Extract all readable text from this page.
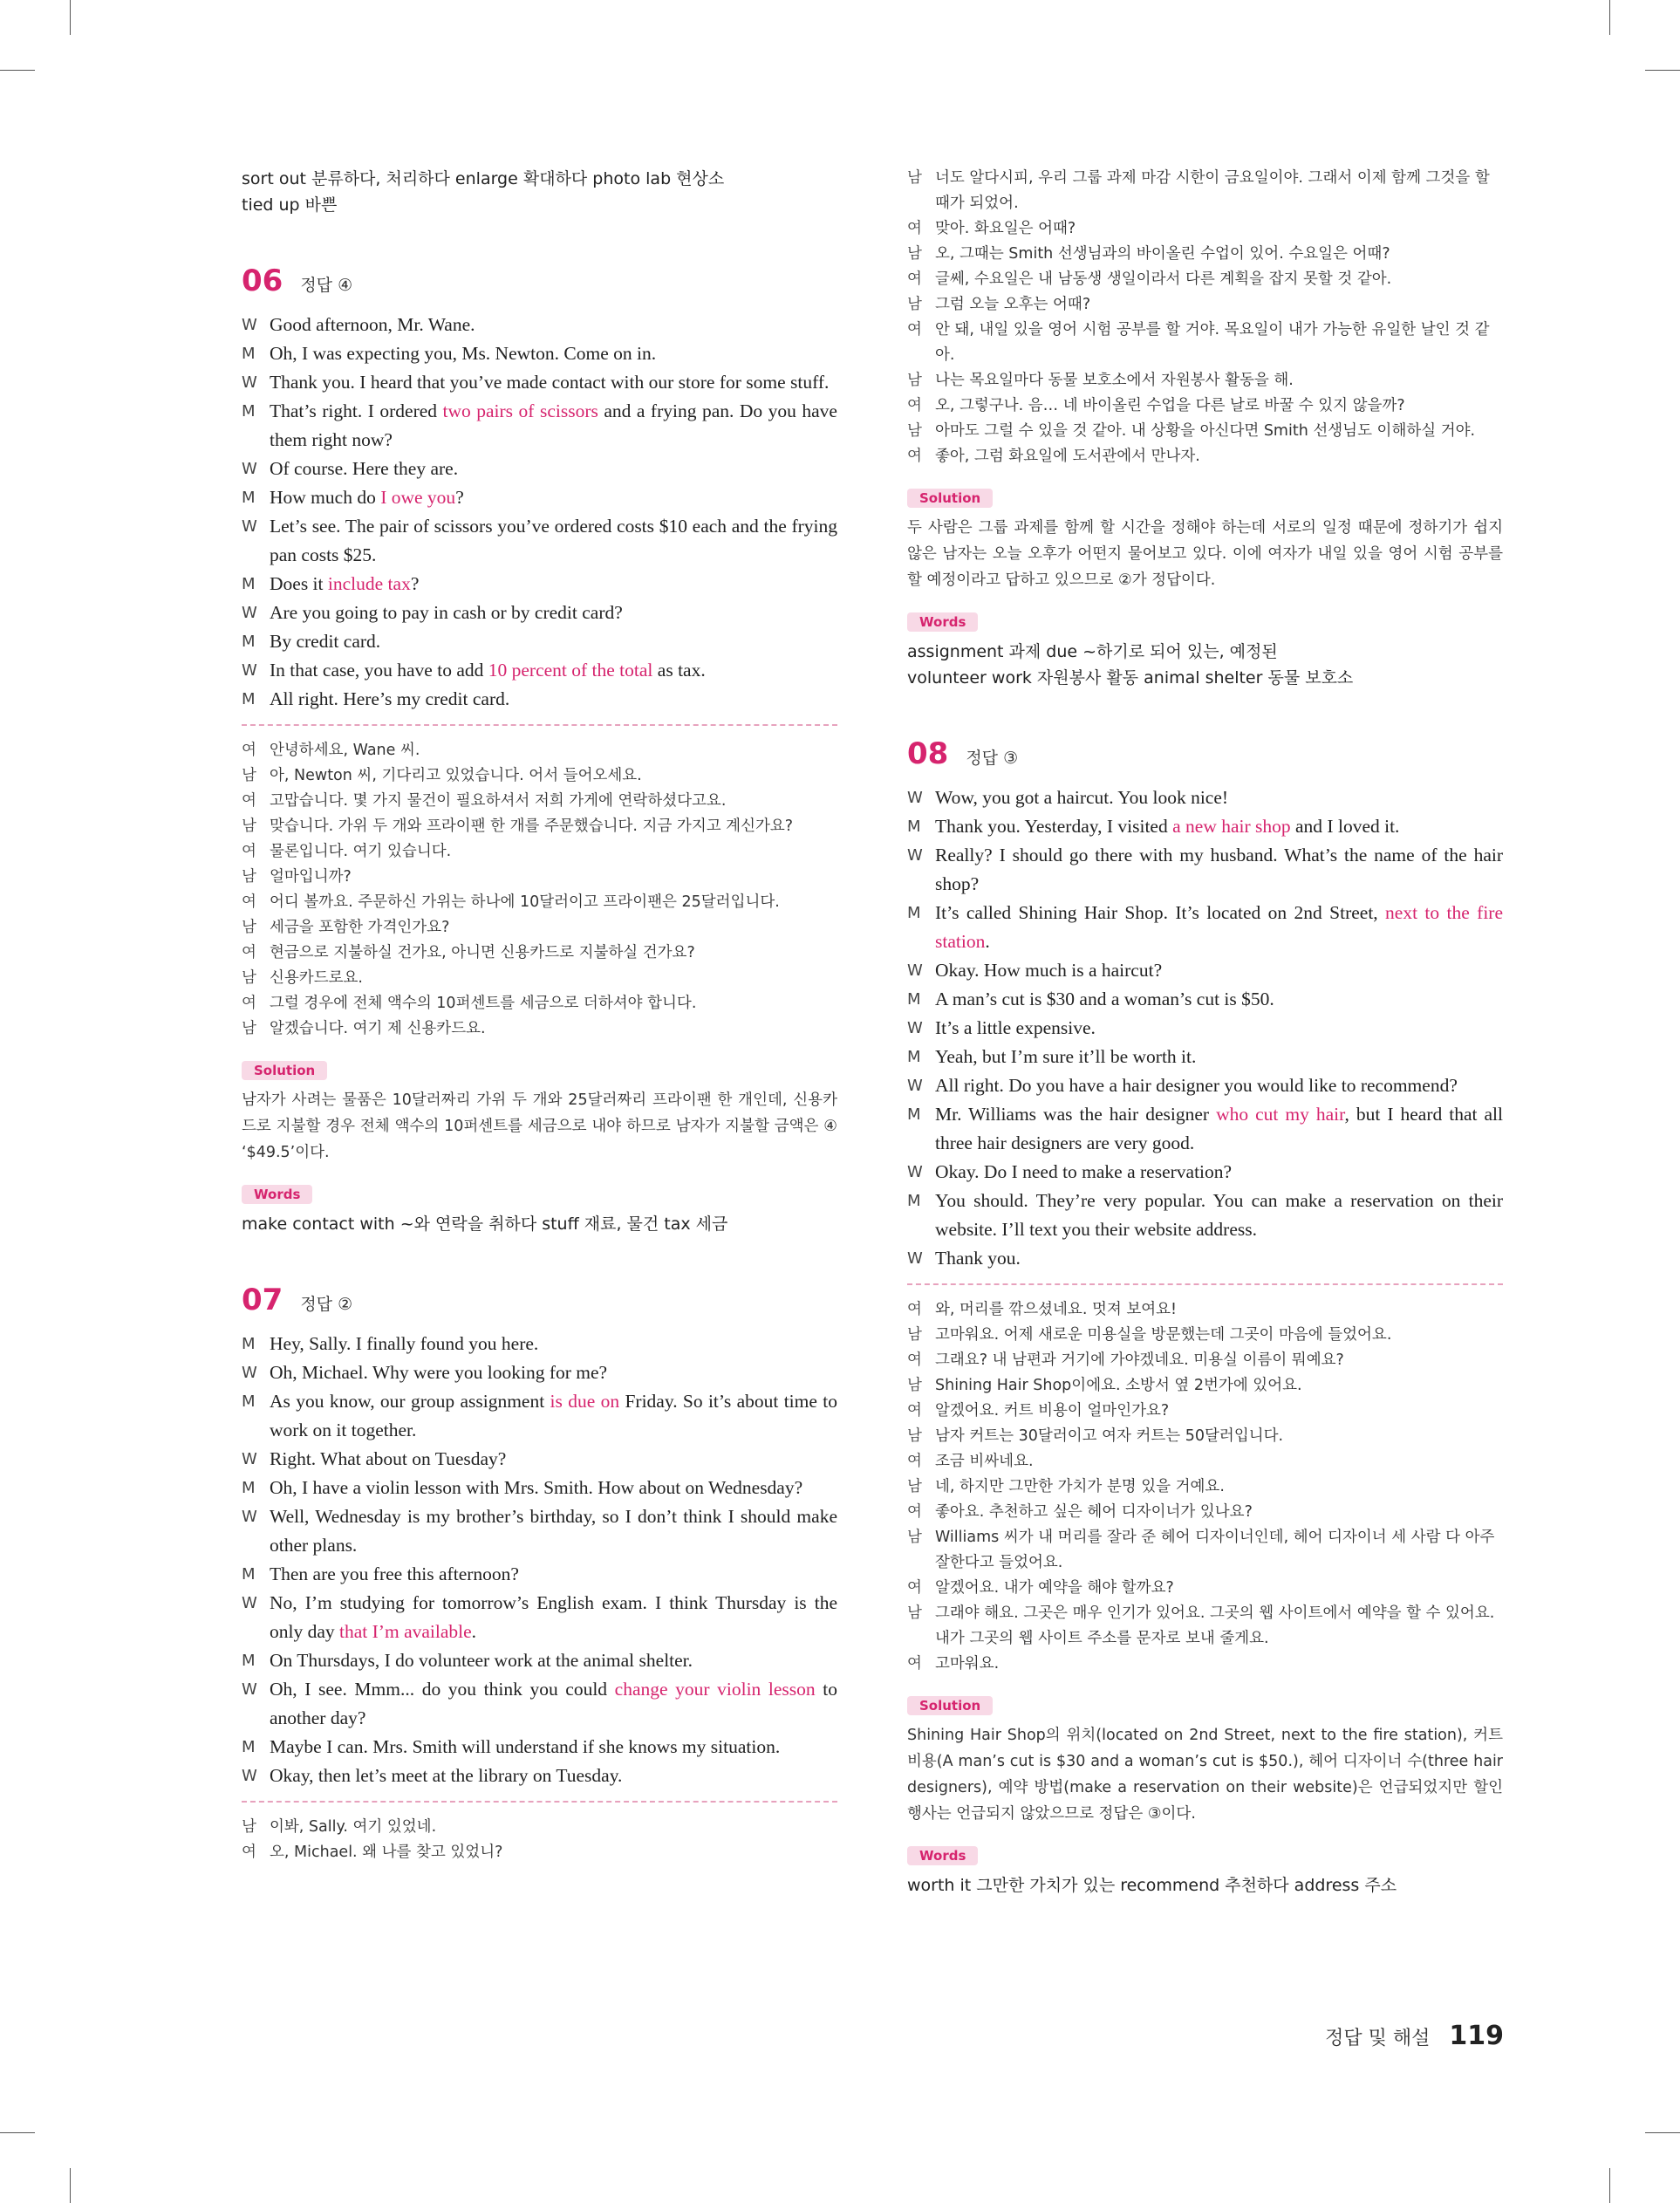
sort out 분류하다, 처리하다 enlarge 확대하다 photo lab 현상소
tied up 바쁜
06 정답 ④
W Good afternoon, Mr. Wane.
M Oh, I was expecting you, Ms. Newton. Come on in.
W Thank you. I heard that you’ve made contact with our store for some stuff.
M That’s right. I ordered two pairs of scissors and a frying pan. Do you have them right now?
W Of course. Here they are.
M How much do I owe you?
W Let’s see. The pair of scissors you’ve ordered costs $10 each and the frying pan costs $25.
M Does it include tax?
W Are you going to pay in cash or by credit card?
M By credit card.
W In that case, you have to add 10 percent of the total as tax.
M All right. Here’s my credit card.
여 안녕하세요, Wane 씨.
남 아, Newton 씨, 기다리고 있었습니다. 어서 들어오세요.
여 고맙습니다. 몇 가지 물건이 필요하셔서 저희 가게에 연락하셨다고요.
남 맞습니다. 가위 두 개와 프라이팬 한 개를 주문했습니다. 지금 가지고 계신가요?
여 물론입니다. 여기 있습니다.
남 얼마입니까?
여 어디 볼까요. 주문하신 가위는 하나에 10달러이고 프라이팬은 25달러입니다.
남 세금을 포함한 가격인가요?
여 현금으로 지불하실 건가요, 아니면 신용카드로 지불하실 건가요?
남 신용카드로요.
여 그럴 경우에 전체 액수의 10퍼센트를 세금으로 더하셔야 합니다.
남 알겠습니다. 여기 제 신용카드요.
Solution
남자가 사려는 물품은 10달러짜리 가위 두 개와 25달러짜리 프라이팬 한 개인데, 신용카드로 지불할 경우 전체 액수의 10퍼센트를 세금으로 내야 하므로 남자가 지불할 금액은 ④ ‘$49.5’이다.
Words
make contact with ~와 연락을 취하다 stuff 재료, 물건 tax 세금
07 정답 ②
M Hey, Sally. I finally found you here.
W Oh, Michael. Why were you looking for me?
M As you know, our group assignment is due on Friday. So it’s about time to work on it together.
W Right. What about on Tuesday?
M Oh, I have a violin lesson with Mrs. Smith. How about on Wednesday?
W Well, Wednesday is my brother’s birthday, so I don’t think I should make other plans.
M Then are you free this afternoon?
W No, I’m studying for tomorrow’s English exam. I think Thursday is the only day that I’m available.
M On Thursdays, I do volunteer work at the animal shelter.
W Oh, I see. Mmm... do you think you could change your violin lesson to another day?
M Maybe I can. Mrs. Smith will understand if she knows my situation.
W Okay, then let’s meet at the library on Tuesday.
남 이봐, Sally. 여기 있었네.
여 오, Michael. 왜 나를 찾고 있었니?
남 너도 알다시피, 우리 그룹 과제 마감 시한이 금요일이야. 그래서 이제 함께 그것을 할 때가 되었어.
여 맞아. 화요일은 어때?
남 오, 그때는 Smith 선생님과의 바이올린 수업이 있어. 수요일은 어때?
여 글쎄, 수요일은 내 남동생 생일이라서 다른 계획을 잡지 못할 것 같아.
남 그럼 오늘 오후는 어때?
여 안 돼, 내일 있을 영어 시험 공부를 할 거야. 목요일이 내가 가능한 유일한 날인 것 같아.
남 나는 목요일마다 동물 보호소에서 자원봉사 활동을 해.
여 오, 그렇구나. 음… 네 바이올린 수업을 다른 날로 바꿀 수 있지 않을까?
남 아마도 그럴 수 있을 것 같아. 내 상황을 아신다면 Smith 선생님도 이해하실 거야.
여 좋아, 그럼 화요일에 도서관에서 만나자.
Solution
두 사람은 그룹 과제를 함께 할 시간을 정해야 하는데 서로의 일정 때문에 정하기가 쉽지 않은 남자는 오늘 오후가 어떤지 물어보고 있다. 이에 여자가 내일 있을 영어 시험 공부를 할 예정이라고 답하고 있으므로 ②가 정답이다.
Words
assignment 과제 due ~하기로 되어 있는, 예정된
volunteer work 자원봉사 활동 animal shelter 동물 보호소
08 정답 ③
W Wow, you got a haircut. You look nice!
M Thank you. Yesterday, I visited a new hair shop and I loved it.
W Really? I should go there with my husband. What’s the name of the hair shop?
M It’s called Shining Hair Shop. It’s located on 2nd Street, next to the fire station.
W Okay. How much is a haircut?
M A man’s cut is $30 and a woman’s cut is $50.
W It’s a little expensive.
M Yeah, but I’m sure it’ll be worth it.
W All right. Do you have a hair designer you would like to recommend?
M Mr. Williams was the hair designer who cut my hair, but I heard that all three hair designers are very good.
W Okay. Do I need to make a reservation?
M You should. They’re very popular. You can make a reservation on their website. I’ll text you their website address.
W Thank you.
여 와, 머리를 깎으셨네요. 멋져 보여요!
남 고마워요. 어제 새로운 미용실을 방문했는데 그곳이 마음에 들었어요.
여 그래요? 내 남편과 거기에 가야겠네요. 미용실 이름이 뭐예요?
남 Shining Hair Shop이에요. 소방서 옆 2번가에 있어요.
여 알겠어요. 커트 비용이 얼마인가요?
남 남자 커트는 30달러이고 여자 커트는 50달러입니다.
여 조금 비싸네요.
남 네, 하지만 그만한 가치가 분명 있을 거예요.
여 좋아요. 추천하고 싶은 헤어 디자이너가 있나요?
남 Williams 씨가 내 머리를 잘라 준 헤어 디자이너인데, 헤어 디자이너 세 사람 다 아주 잘한다고 들었어요.
여 알겠어요. 내가 예약을 해야 할까요?
남 그래야 해요. 그곳은 매우 인기가 있어요. 그곳의 웹 사이트에서 예약을 할 수 있어요. 내가 그곳의 웹 사이트 주소를 문자로 보내 줄게요.
여 고마워요.
Solution
Shining Hair Shop의 위치(located on 2nd Street, next to the fire station), 커트 비용(A man’s cut is $30 and a woman’s cut is $50.), 헤어 디자이너 수(three hair designers), 예약 방법(make a reservation on their website)은 언급되었지만 할인 행사는 언급되지 않았으므로 정답은 ③이다.
Words
worth it 그만한 가치가 있는 recommend 추천하다 address 주소
정답 및 해설 119
